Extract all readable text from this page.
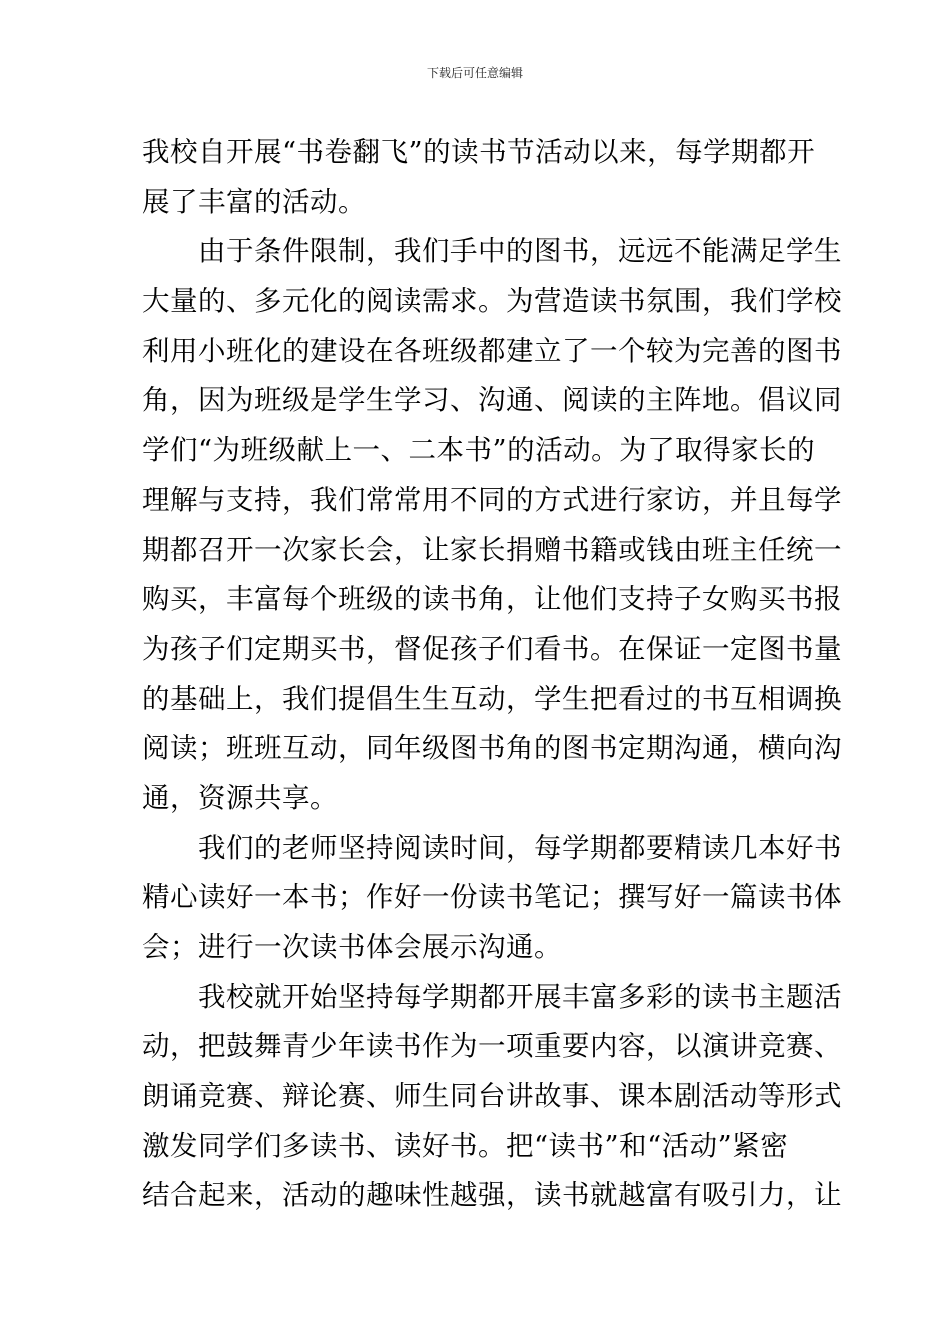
下载后可任意编辑
我校自开展“书卷翻飞”的读书节活动以来，每学期都开
展了丰富的活动。
　　由于条件限制，我们手中的图书，远远不能满足学生
大量的、多元化的阅读需求。为营造读书氛围，我们学校
利用小班化的建设在各班级都建立了一个较为完善的图书
角，因为班级是学生学习、沟通、阅读的主阵地。倡议同
学们“为班级献上一、二本书”的活动。为了取得家长的
理解与支持，我们常常用不同的方式进行家访，并且每学
期都召开一次家长会，让家长捐赠书籍或钱由班主任统一
购买，丰富每个班级的读书角，让他们支持子女购买书报
为孩子们定期买书，督促孩子们看书。在保证一定图书量
的基础上，我们提倡生生互动，学生把看过的书互相调换
阅读；班班互动，同年级图书角的图书定期沟通，横向沟
通，资源共享。
　　我们的老师坚持阅读时间，每学期都要精读几本好书
精心读好一本书；作好一份读书笔记；撰写好一篇读书体
会；进行一次读书体会展示沟通。
　　我校就开始坚持每学期都开展丰富多彩的读书主题活
动，把鼓舞青少年读书作为一项重要内容，以演讲竞赛、
朗诵竞赛、辩论赛、师生同台讲故事、课本剧活动等形式
激发同学们多读书、读好书。把“读书”和“活动”紧密
结合起来，活动的趣味性越强，读书就越富有吸引力，让
